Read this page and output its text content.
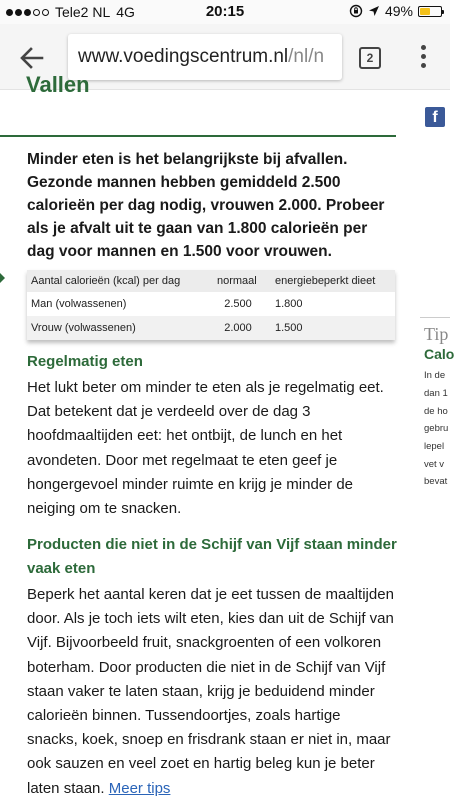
Tele2 NL 4G	20:15	49%
www.voedingscentrum.nl/nl/n	2
Vallen
f
Minder eten is het belangrijkste bij afvallen. Gezonde mannen hebben gemiddeld 2.500 calorieën per dag nodig, vrouwen 2.000. Probeer als je afvalt uit te gaan van 1.800 calorieën per dag voor mannen en 1.500 voor vrouwen.
Aantal calorieën (kcal) per dag	normaal	energiebeperkt dieet
Man (volwassenen)	2.500	1.800
Vrouw (volwassenen)	2.000	1.500
Regelmatig eten
Het lukt beter om minder te eten als je regelmatig eet. Dat betekent dat je verdeeld over de dag 3 hoofdmaaltijden eet: het ontbijt, de lunch en het avondeten. Door met regelmaat te eten geef je hongergevoel minder ruimte en krijg je minder de neiging om te snacken.
Producten die niet in de Schijf van Vijf staan minder vaak eten
Beperk het aantal keren dat je eet tussen de maaltijden door. Als je toch iets wilt eten, kies dan uit de Schijf van Vijf. Bijvoorbeeld fruit, snackgroenten of een volkoren boterham. Door producten die niet in de Schijf van Vijf staan vaker te laten staan, krijg je beduidend minder calorieën binnen. Tussendoortjes, zoals hartige snacks, koek, snoep en frisdrank staan er niet in, maar ook sauzen en veel zoet en hartig beleg kun je beter laten staan. Meer tips
Tip
Calo
In de
dan 1
de ho
gebru
lepel
vet v
bevat
